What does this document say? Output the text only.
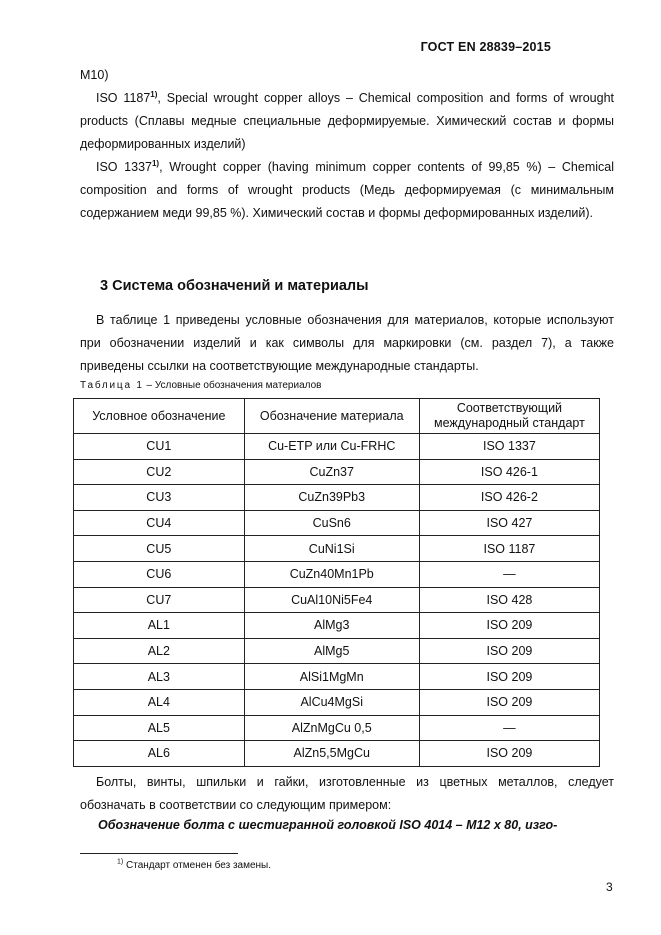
ГОСТ EN 28839–2015

M10)

ISO 1187$^{1)}$, Special wrought copper alloys – Chemical composition and forms of wrought products (Сплавы медные специальные деформируемые. Химический состав и формы деформированных изделий)

ISO 1337$^{1)}$, Wrought copper (having minimum copper contents of 99,85 %) – Chemical composition and forms of wrought products (Медь деформируемая (с минимальным содержанием меди 99,85 %). Химический состав и формы деформированных изделий).

3 Система обозначений и материалы

В таблице 1 приведены условные обозначения для материалов, которые используют при обозначении изделий и как символы для маркировки (см. раздел 7), а также приведены ссылки на соответствующие международные стандарты.

Таблица 1 – Условные обозначения материалов
Условное обозначение	Обозначение материала	Соответствующий международный стандарт
CU1	Cu-ETP или Cu-FRHC	ISO 1337
CU2	CuZn37	ISO 426-1
CU3	CuZn39Pb3	ISO 426-2
CU4	CuSn6	ISO 427
CU5	CuNi1Si	ISO 1187
CU6	CuZn40Mn1Pb	—
CU7	CuAl10Ni5Fe4	ISO 428
AL1	AlMg3	ISO 209
AL2	AlMg5	ISO 209
AL3	AlSi1MgMn	ISO 209
AL4	AlCu4MgSi	ISO 209
AL5	AlZnMgCu 0,5	—
AL6	AlZn5,5MgCu	ISO 209

Болты, винты, шпильки и гайки, изготовленные из цветных металлов, следует обозначать в соответствии со следующим примером:

Обозначение болта с шестигранной головкой ISO 4014 – M12 x 80, изго-
$^{1)}$ Стандарт отменен без замены.
3
